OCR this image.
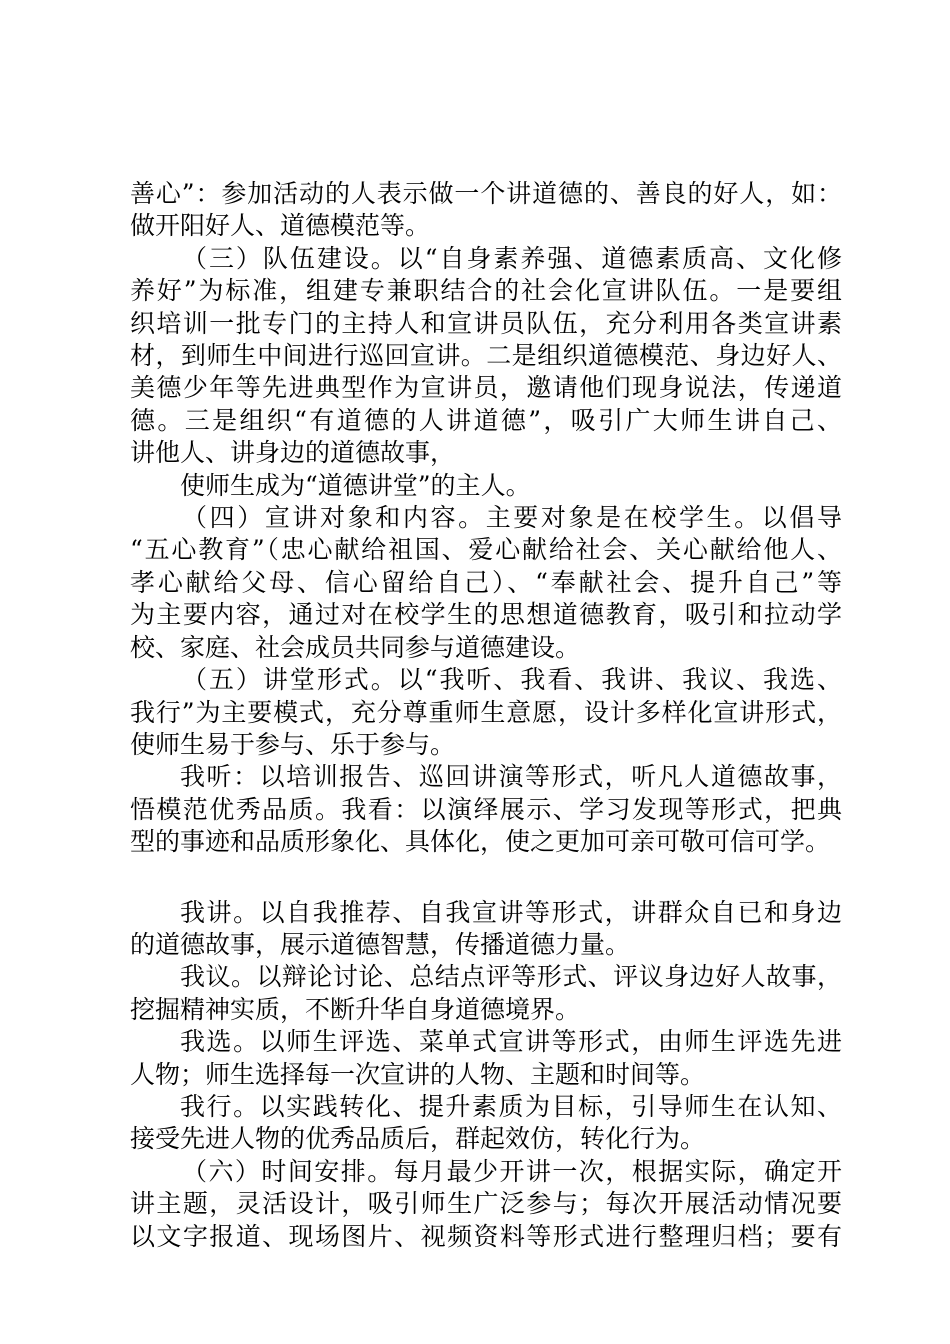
善心”：参加活动的人表示做一个讲道德的、善良的好人，如：
做开阳好人、道德模范等。
（三）队伍建设。以“自身素养强、道德素质高、文化修
养好”为标准，组建专兼职结合的社会化宣讲队伍。一是要组
织培训一批专门的主持人和宣讲员队伍，充分利用各类宣讲素
材，到师生中间进行巡回宣讲。二是组织道德模范、身边好人、
美德少年等先进典型作为宣讲员，邀请他们现身说法，传递道
德。三是组织“有道德的人讲道德”，吸引广大师生讲自己、
讲他人、讲身边的道德故事，
使师生成为“道德讲堂”的主人。
（四）宣讲对象和内容。主要对象是在校学生。以倡导
“五心教育”（忠心献给祖国、爱心献给社会、关心献给他人、
孝心献给父母、信心留给自己）、“奉献社会、提升自己”等
为主要内容，通过对在校学生的思想道德教育，吸引和拉动学
校、家庭、社会成员共同参与道德建设。
（五）讲堂形式。以“我听、我看、我讲、我议、我选、
我行”为主要模式，充分尊重师生意愿，设计多样化宣讲形式，
使师生易于参与、乐于参与。
我听：以培训报告、巡回讲演等形式，听凡人道德故事，
悟模范优秀品质。我看：以演绎展示、学习发现等形式，把典
型的事迹和品质形象化、具体化，使之更加可亲可敬可信可学。
我讲。以自我推荐、自我宣讲等形式，讲群众自已和身边
的道德故事，展示道德智慧，传播道德力量。
我议。以辩论讨论、总结点评等形式、评议身边好人故事，
挖掘精神实质，不断升华自身道德境界。
我选。以师生评选、菜单式宣讲等形式，由师生评选先进
人物；师生选择每一次宣讲的人物、主题和时间等。
我行。以实践转化、提升素质为目标，引导师生在认知、
接受先进人物的优秀品质后，群起效仿，转化行为。
（六）时间安排。每月最少开讲一次，根据实际，确定开
讲主题，灵活设计，吸引师生广泛参与；每次开展活动情况要
以文字报道、现场图片、视频资料等形式进行整理归档；要有
